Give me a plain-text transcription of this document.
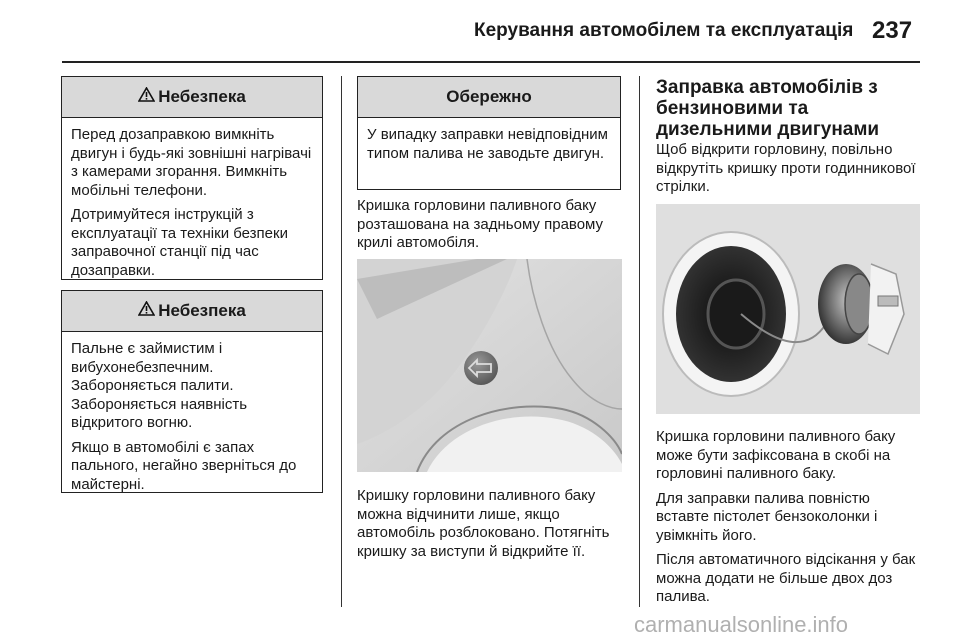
Керування автомобілем та експлуатація 237
Небезпека

Перед дозаправкою вимкніть двигун і будь-які зовнішні нагрівачі з камерами згорання. Вимкніть мобільні телефони.

Дотримуйтеся інструкцій з експлуатації та техніки безпеки заправочної станції під час дозаправки.

Небезпека

Пальне є займистим і вибухонебезпечним. Забороняється палити. Забороняється наявність відкритого вогню.

Якщо в автомобілі є запах пального, негайно зверніться до майстерні.

Обережно

У випадку заправки невідповідним типом палива не заводьте двигун.

Кришка горловини паливного баку розташована на задньому правому крилі автомобіля.

Кришку горловини паливного баку можна відчинити лише, якщо автомобіль розблоковано. Потягніть кришку за виступи й відкрийте її.

Заправка автомобілів з бензиновими та дизельними двигунами

Щоб відкрити горловину, повільно відкрутіть кришку проти годинникової стрілки.

Кришка горловини паливного баку може бути зафіксована в скобі на горловині паливного баку.

Для заправки палива повністю вставте пістолет бензоколонки і увімкніть його.

Після автоматичного відсікання у бак можна додати не більше двох доз палива.

carmanualsonline.info
